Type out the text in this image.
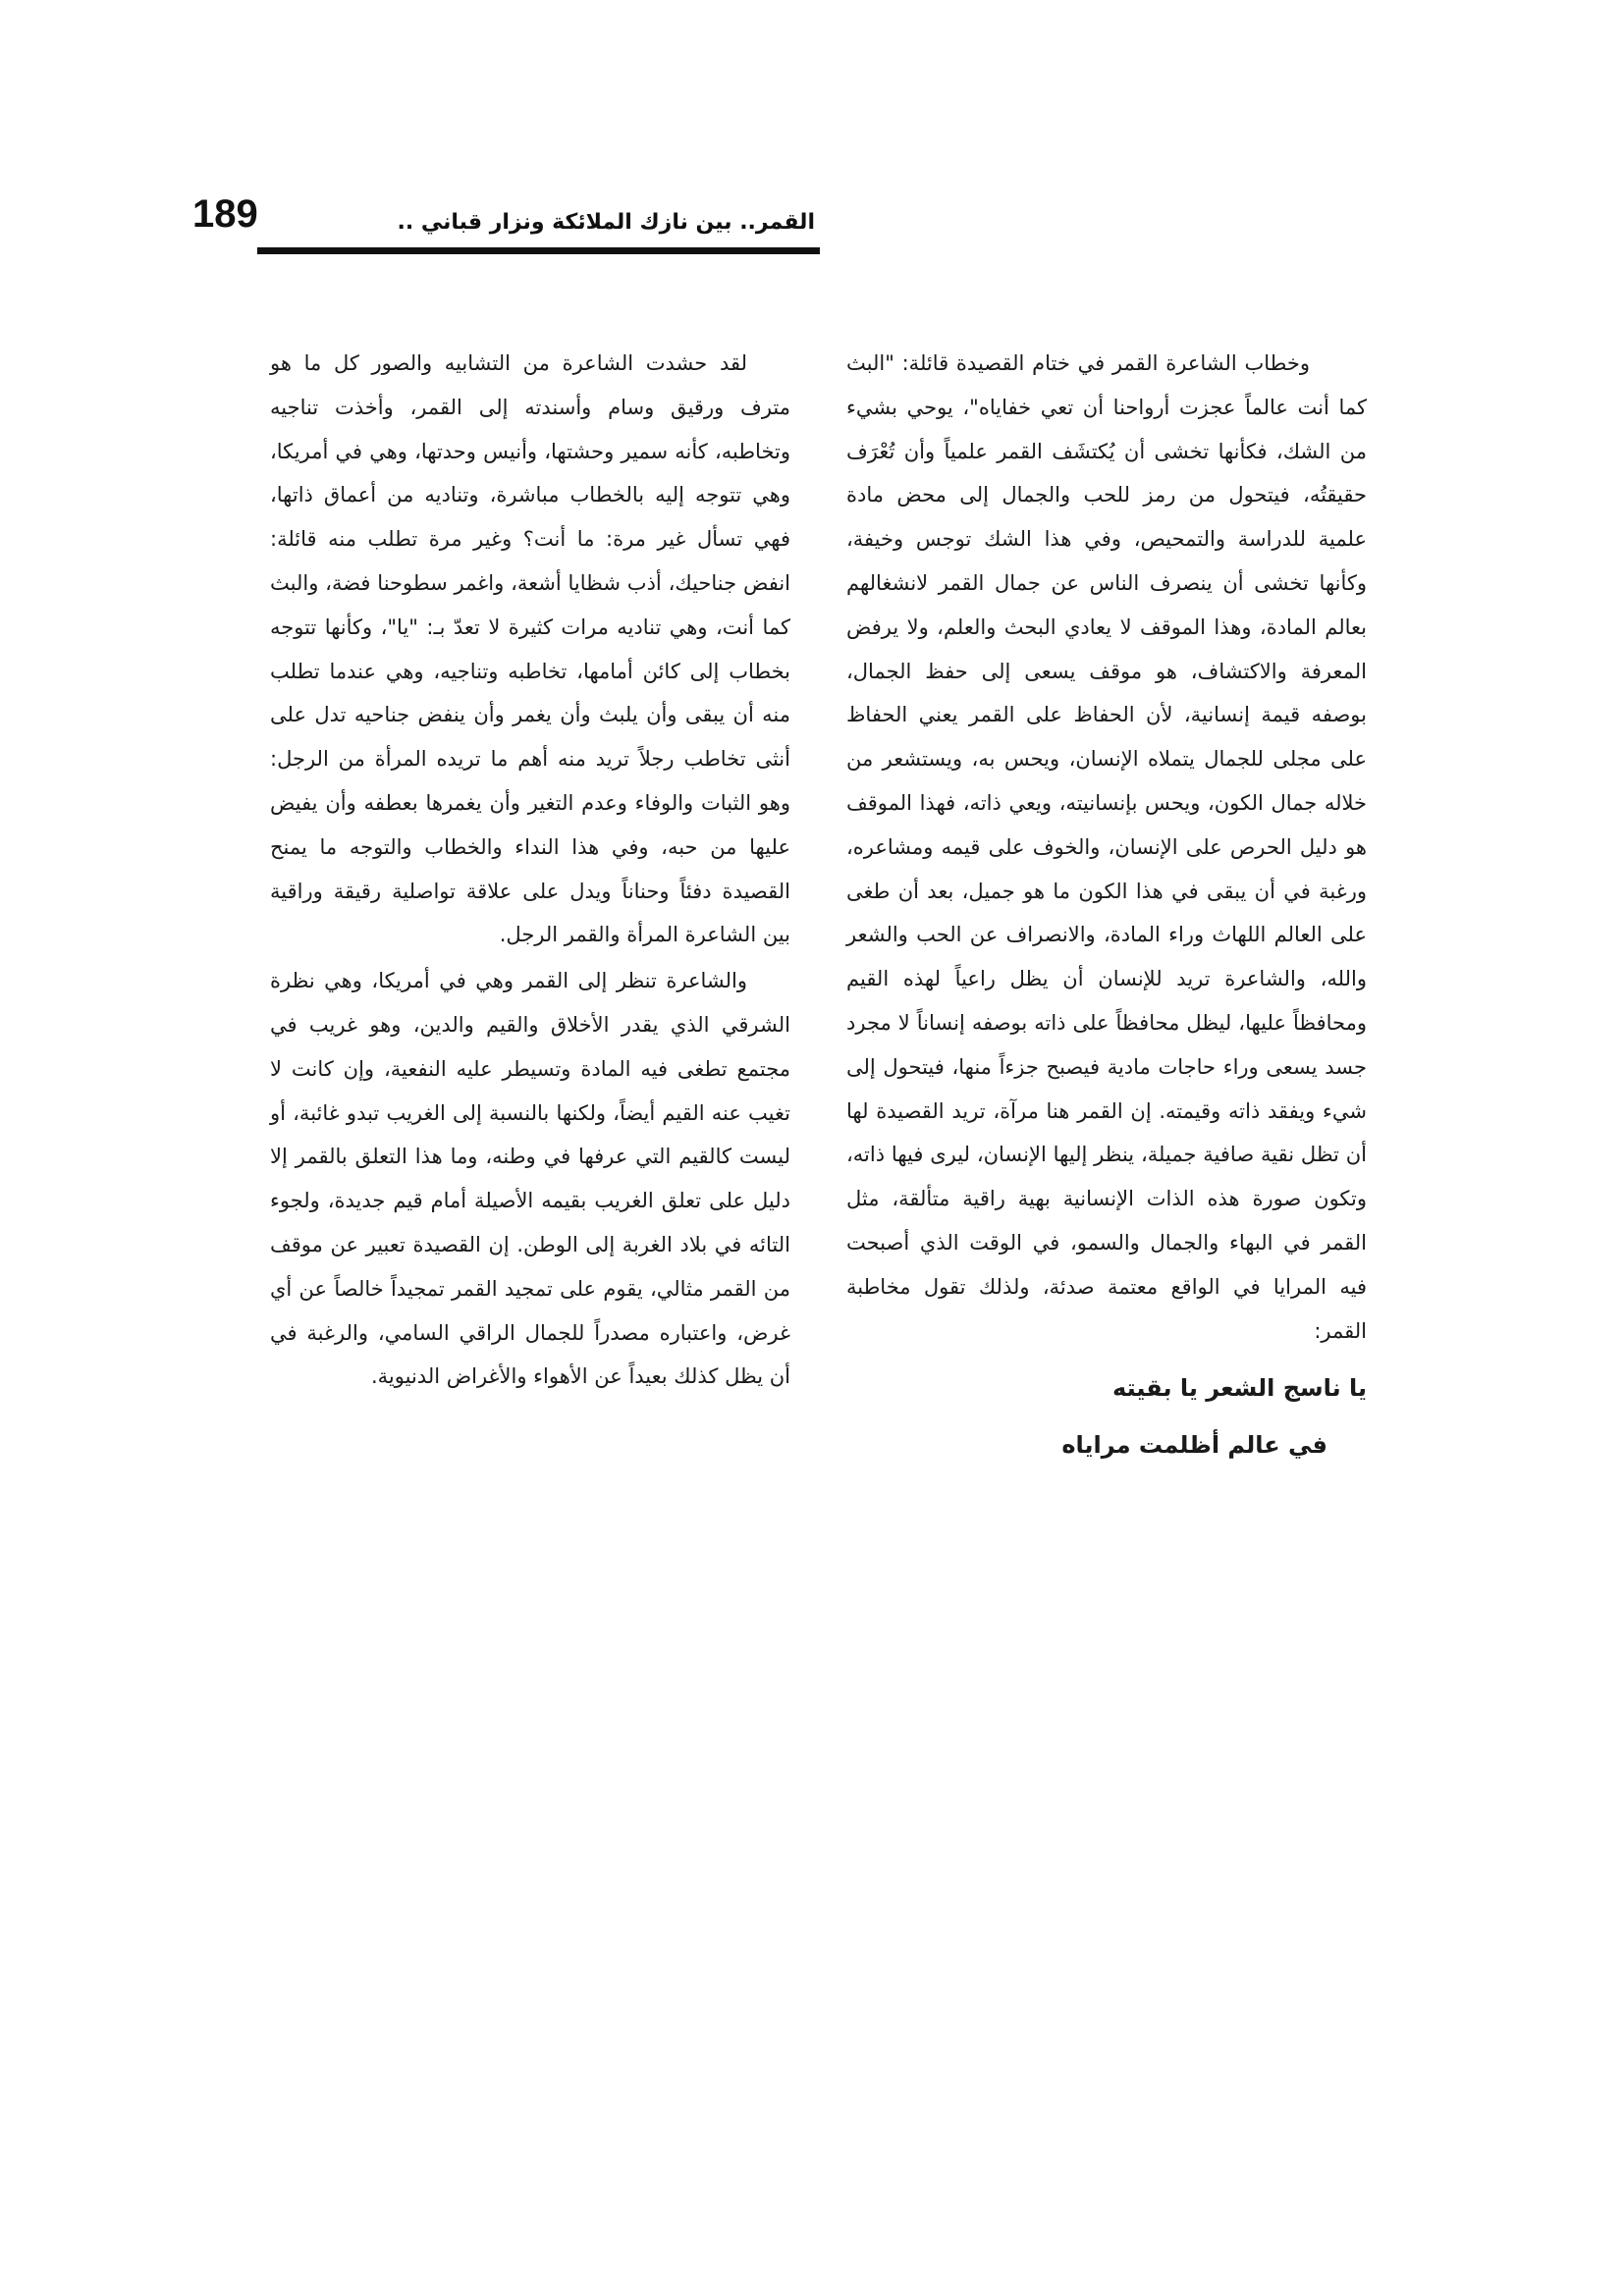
189	القمر.. بين نازك الملائكة ونزار قباني ..

وخطاب الشاعرة القمر في ختام القصيدة قائلة: "البث كما أنت عالماً عجزت أرواحنا أن تعي خفاياه"، يوحي بشيء من الشك، فكأنها تخشى أن يُكتشَف القمر علمياً وأن تُعْرَف حقيقتُه، فيتحول من رمز للحب والجمال إلى محض مادة علمية للدراسة والتمحيص، وفي هذا الشك توجس وخيفة، وكأنها تخشى أن ينصرف الناس عن جمال القمر لانشغالهم بعالم المادة، وهذا الموقف لا يعادي البحث والعلم، ولا يرفض المعرفة والاكتشاف، هو موقف يسعى إلى حفظ الجمال، بوصفه قيمة إنسانية، لأن الحفاظ على القمر يعني الحفاظ على مجلى للجمال يتملاه الإنسان، ويحس به، ويستشعر من خلاله جمال الكون، ويحس بإنسانيته، ويعي ذاته، فهذا الموقف هو دليل الحرص على الإنسان، والخوف على قيمه ومشاعره، ورغبة في أن يبقى في هذا الكون ما هو جميل، بعد أن طغى على العالم اللهاث وراء المادة، والانصراف عن الحب والشعر والله، والشاعرة تريد للإنسان أن يظل راعياً لهذه القيم ومحافظاً عليها، ليظل محافظاً على ذاته بوصفه إنساناً لا مجرد جسد يسعى وراء حاجات مادية فيصبح جزءاً منها، فيتحول إلى شيء ويفقد ذاته وقيمته. إن القمر هنا مرآة، تريد القصيدة لها أن تظل نقية صافية جميلة، ينظر إليها الإنسان، ليرى فيها ذاته، وتكون صورة هذه الذات الإنسانية بهية راقية متألقة، مثل القمر في البهاء والجمال والسمو، في الوقت الذي أصبحت فيه المرايا في الواقع معتمة صدئة، ولذلك تقول مخاطبة القمر:

يا ناسج الشعر يا بقيته
في عالم أظلمت مراياه

لقد حشدت الشاعرة من التشابيه والصور كل ما هو مترف ورقيق وسام وأسندته إلى القمر، وأخذت تناجيه وتخاطبه، كأنه سمير وحشتها، وأنيس وحدتها، وهي في أمريكا، وهي تتوجه إليه بالخطاب مباشرة، وتناديه من أعماق ذاتها، فهي تسأل غير مرة: ما أنت؟ وغير مرة تطلب منه قائلة: انفض جناحيك، أذب شظايا أشعة، واغمر سطوحنا فضة، والبث كما أنت، وهي تناديه مرات كثيرة لا تعدّ بـ: "يا"، وكأنها تتوجه بخطاب إلى كائن أمامها، تخاطبه وتناجيه، وهي عندما تطلب منه أن يبقى وأن يلبث وأن يغمر وأن ينفض جناحيه تدل على أنثى تخاطب رجلاً تريد منه أهم ما تريده المرأة من الرجل: وهو الثبات والوفاء وعدم التغير وأن يغمرها بعطفه وأن يفيض عليها من حبه، وفي هذا النداء والخطاب والتوجه ما يمنح القصيدة دفئاً وحناناً ويدل على علاقة تواصلية رقيقة وراقية بين الشاعرة المرأة والقمر الرجل.

والشاعرة تنظر إلى القمر وهي في أمريكا، وهي نظرة الشرقي الذي يقدر الأخلاق والقيم والدين، وهو غريب في مجتمع تطغى فيه المادة وتسيطر عليه النفعية، وإن كانت لا تغيب عنه القيم أيضاً، ولكنها بالنسبة إلى الغريب تبدو غائبة، أو ليست كالقيم التي عرفها في وطنه، وما هذا التعلق بالقمر إلا دليل على تعلق الغريب بقيمه الأصيلة أمام قيم جديدة، ولجوء التائه في بلاد الغربة إلى الوطن. إن القصيدة تعبير عن موقف من القمر مثالي، يقوم على تمجيد القمر تمجيداً خالصاً عن أي غرض، واعتباره مصدراً للجمال الراقي السامي، والرغبة في أن يظل كذلك بعيداً عن الأهواء والأغراض الدنيوية.
